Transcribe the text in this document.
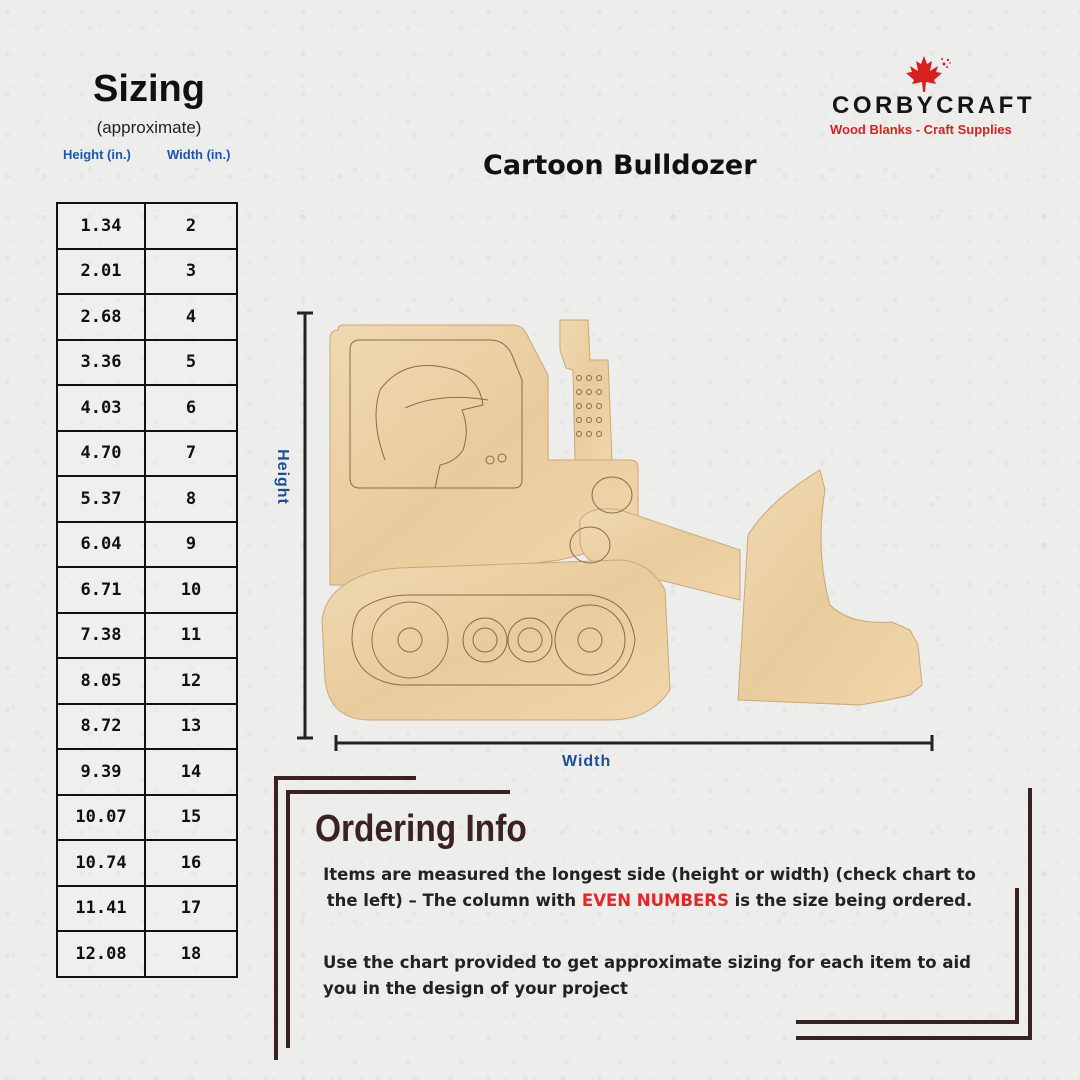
Sizing
(approximate)
Height (in.)	Width (in.)
1.34	2
2.01	3
2.68	4
3.36	5
4.03	6
4.70	7
5.37	8
6.04	9
6.71	10
7.38	11
8.05	12
8.72	13
9.39	14
10.07	15
10.74	16
11.41	17
12.08	18
CORBYCRAFT
Wood Blanks - Craft Supplies
Cartoon Bulldozer
Height
Width
Ordering Info
Items are measured the longest side (height or width) (check chart to the left) – The column with EVEN NUMBERS is the size being ordered.
Use the chart provided to get approximate sizing for each item to aid you in the design of your project
